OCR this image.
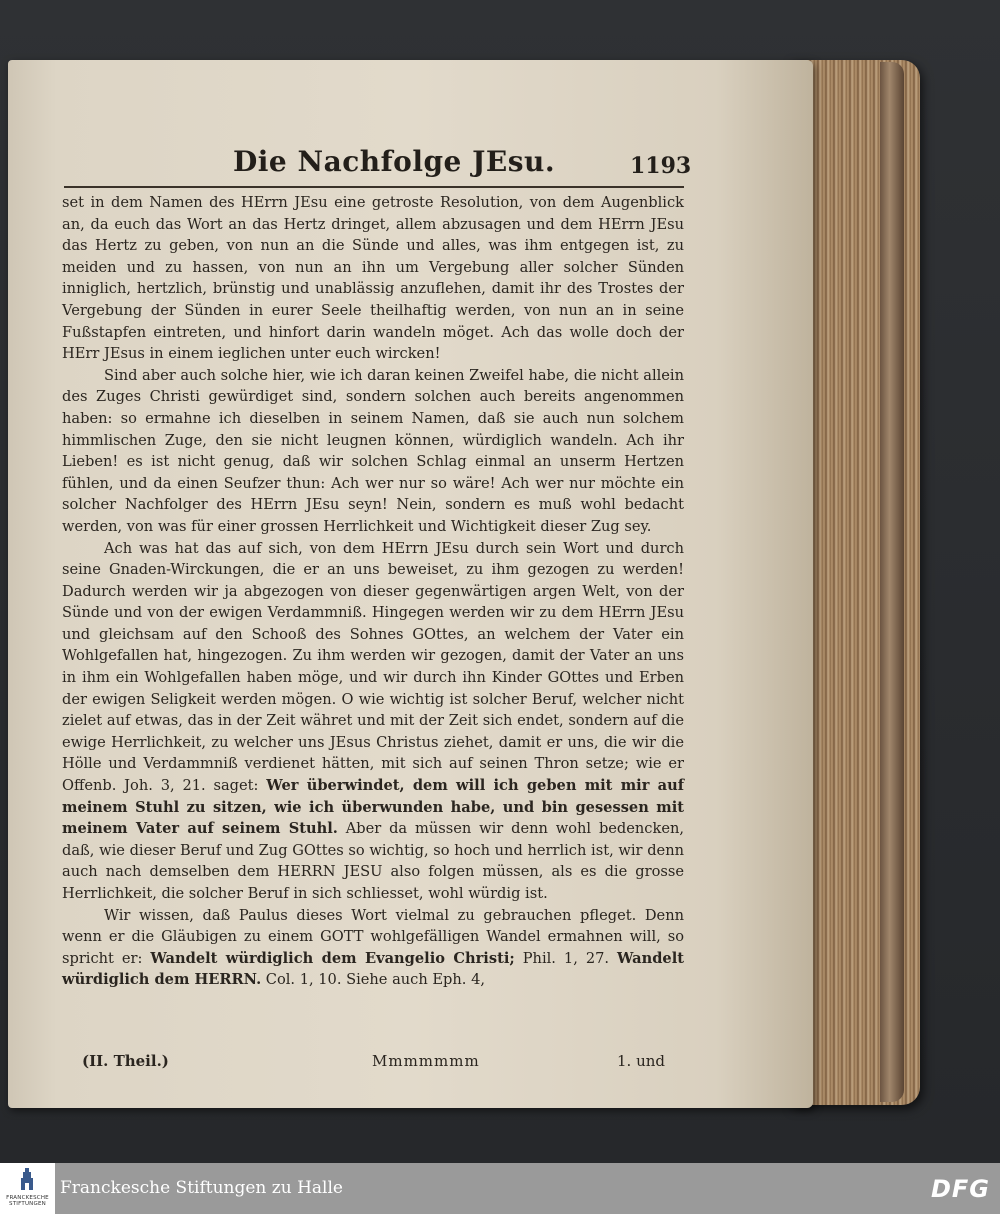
Die Nachfolge JEsu.	1193

set in dem Namen des HErrn JEsu eine getroste Resolution, von dem Augenblick an, da euch das Wort an das Hertz dringet, allem abzusagen und dem HErrn JEsu das Hertz zu geben, von nun an die Sünde und alles, was ihm entgegen ist, zu meiden und zu hassen, von nun an ihn um Vergebung aller solcher Sünden inniglich, hertzlich, brünstig und unablässig anzuflehen, damit ihr des Trostes der Vergebung der Sünden in eurer Seele theilhaftig werden, von nun an in seine Fußstapfen eintreten, und hinfort darin wandeln möget. Ach das wolle doch der HErr JEsus in einem ieglichen unter euch wircken!

Sind aber auch solche hier, wie ich daran keinen Zweifel habe, die nicht allein des Zuges Christi gewürdiget sind, sondern solchen auch bereits angenommen haben: so ermahne ich dieselben in seinem Namen, daß sie auch nun solchem himmlischen Zuge, den sie nicht leugnen können, würdiglich wandeln. Ach ihr Lieben! es ist nicht genug, daß wir solchen Schlag einmal an unserm Hertzen fühlen, und da einen Seufzer thun: Ach wer nur so wäre! Ach wer nur möchte ein solcher Nachfolger des HErrn JEsu seyn! Nein, sondern es muß wohl bedacht werden, von was für einer grossen Herrlichkeit und Wichtigkeit dieser Zug sey.

Ach was hat das auf sich, von dem HErrn JEsu durch sein Wort und durch seine Gnaden-Wirckungen, die er an uns beweiset, zu ihm gezogen zu werden! Dadurch werden wir ja abgezogen von dieser gegenwärtigen argen Welt, von der Sünde und von der ewigen Verdammniß. Hingegen werden wir zu dem HErrn JEsu und gleichsam auf den Schooß des Sohnes GOttes, an welchem der Vater ein Wohlgefallen hat, hingezogen. Zu ihm werden wir gezogen, damit der Vater an uns in ihm ein Wohlgefallen haben möge, und wir durch ihn Kinder GOttes und Erben der ewigen Seligkeit werden mögen. O wie wichtig ist solcher Beruf, welcher nicht zielet auf etwas, das in der Zeit währet und mit der Zeit sich endet, sondern auf die ewige Herrlichkeit, zu welcher uns JEsus Christus ziehet, damit er uns, die wir die Hölle und Verdammniß verdienet hätten, mit sich auf seinen Thron setze; wie er Offenb. Joh. 3, 21. saget: Wer überwindet, dem will ich geben mit mir auf meinem Stuhl zu sitzen, wie ich überwunden habe, und bin gesessen mit meinem Vater auf seinem Stuhl. Aber da müssen wir denn wohl bedencken, daß, wie dieser Beruf und Zug GOttes so wichtig, so hoch und herrlich ist, wir denn auch nach demselben dem HERRN JESU also folgen müssen, als es die grosse Herrlichkeit, die solcher Beruf in sich schliesset, wohl würdig ist.

Wir wissen, daß Paulus dieses Wort vielmal zu gebrauchen pfleget. Denn wenn er die Gläubigen zu einem GOTT wohlgefälligen Wandel ermahnen will, so spricht er: Wandelt würdiglich dem Evangelio Christi; Phil. 1, 27. Wandelt würdiglich dem HERRN. Col. 1, 10. Siehe auch Eph. 4,

(II. Theil.)	Mmmmmmm	1. und
FRANCKESCHE STIFTUNGEN
Franckesche Stiftungen zu Halle	DFG
